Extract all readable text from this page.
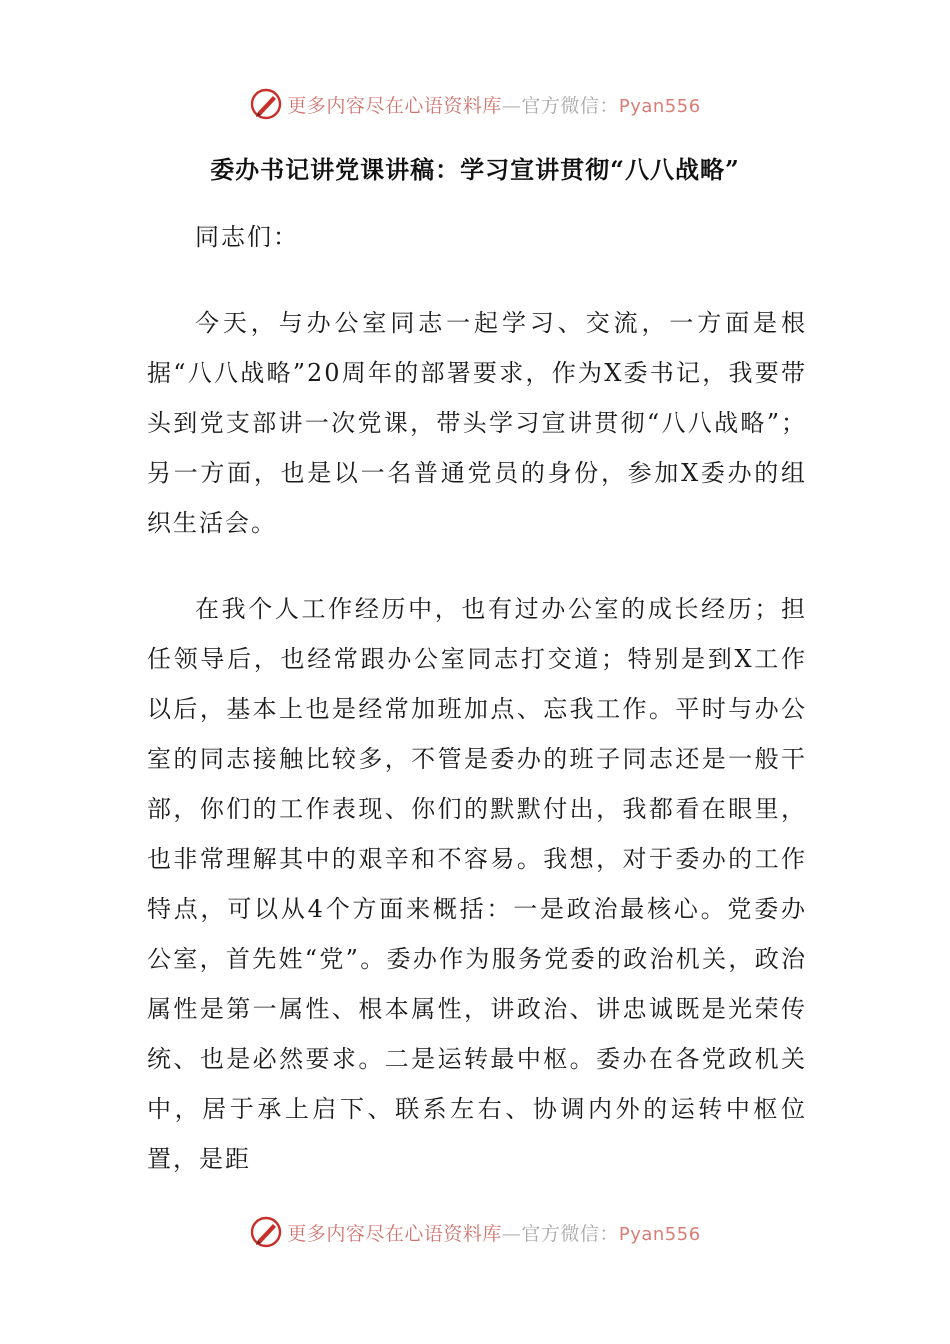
更多内容尽在心语资料库—官方微信：Pyan556
委办书记讲党课讲稿：学习宣讲贯彻“八八战略”

同志们：

今天，与办公室同志一起学习、交流，一方面是根据“八八战略”20周年的部署要求，作为X委书记，我要带头到党支部讲一次党课，带头学习宣讲贯彻“八八战略”；另一方面，也是以一名普通党员的身份，参加X委办的组织生活会。

在我个人工作经历中，也有过办公室的成长经历；担任领导后，也经常跟办公室同志打交道；特别是到X工作以后，基本上也是经常加班加点、忘我工作。平时与办公室的同志接触比较多，不管是委办的班子同志还是一般干部，你们的工作表现、你们的默默付出，我都看在眼里，也非常理解其中的艰辛和不容易。我想，对于委办的工作特点，可以从4个方面来概括：一是政治最核心。党委办公室，首先姓“党”。委办作为服务党委的政治机关，政治属性是第一属性、根本属性，讲政治、讲忠诚既是光荣传统、也是必然要求。二是运转最中枢。委办在各党政机关中，居于承上启下、联系左右、协调内外的运转中枢位置，是距

更多内容尽在心语资料库—官方微信：Pyan556
